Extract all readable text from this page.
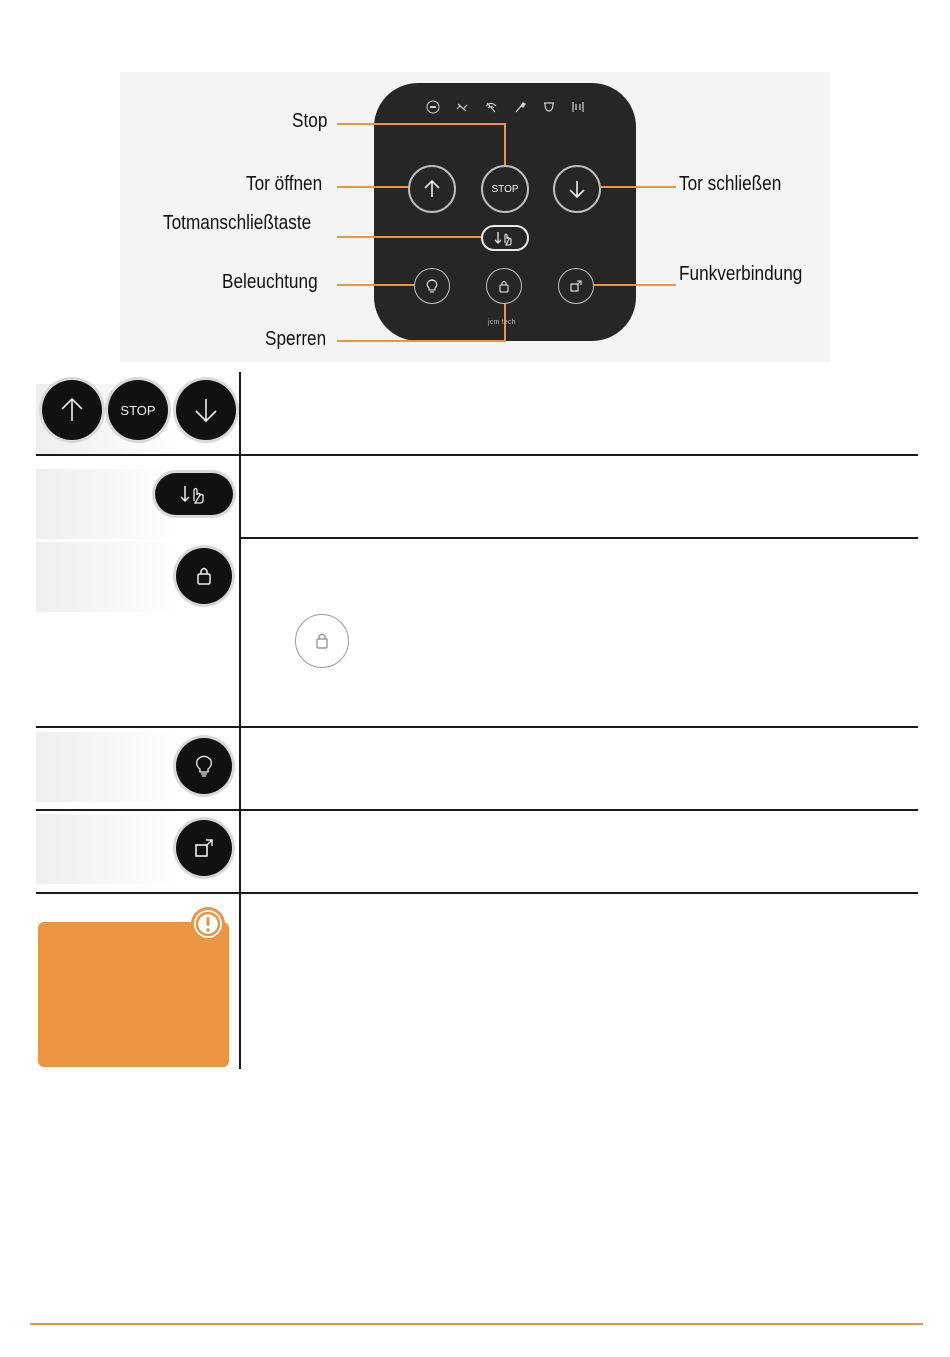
STOP
jcm tech
Stop
Tor öffnen	Tor schließen
Totmanschließtaste
Beleuchtung	Funkverbindung
Sperren
STOP
